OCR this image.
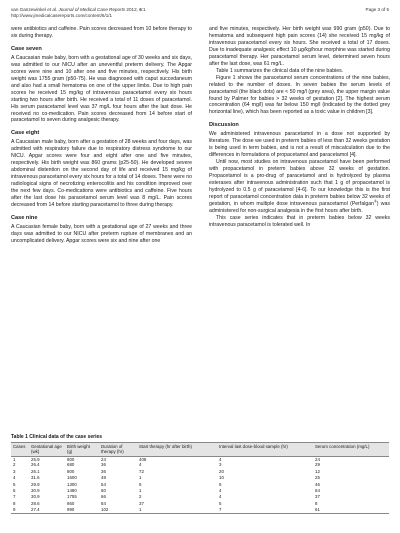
van Ganzewinkel et al. Journal of Medical Case Reports 2012, 6:1
http://www.jmedicalcasereports.com/content/6/1/1
Page 3 of 5

were antibiotics and caffeine. Pain scores decreased from 10 before therapy to six during therapy.

Case seven

A Caucasian male baby, born with a gestational age of 30 weeks and six days, was admitted to our NICU after an uneventful preterm delivery. The Apgar scores were nine and 10 after one and five minutes, respectively. His birth weight was 1755 gram (p50-75). He was diagnosed with caput succedaneum and also had a small hematoma on one of the upper limbs. Due to high pain scores he received 15 mg/kg of intravenous paracetamol every six hours starting two hours after birth. He received a total of 11 doses of paracetamol. His serum paracetamol level was 37 mg/L four hours after the last dose. He received no co-medication. Pain scores decreased from 14 before start of paracetamol to seven during analgesic therapy.

Case eight

A Caucasian male baby, born after a gestation of 28 weeks and four days, was admitted with respiratory failure due to respiratory distress syndrome to our NICU. Apgar scores were four and eight after one and five minutes, respectively. His birth weight was 860 grams (p25-50). He developed severe abdominal distention on the second day of life and received 15 mg/kg of intravenous paracetamol every six hours for a total of 14 doses. There were no radiological signs of necrotizing enterocolitis and his condition improved over the next few days. Co-medications were antibiotics and caffeine. Five hours after the last dose his paracetamol serum level was 8 mg/L. Pain scores decreased from 14 before starting paracetamol to three during therapy.

Case nine

A Caucasian female baby, born with a gestational age of 27 weeks and three days was admitted to our NICU after preterm rupture of membranes and an uncomplicated delivery. Apgar scores were six and nine after one

and five minutes, respectively. Her birth weight was 990 gram (p50). Due to hematoma and subsequent high pain scores (14) she received 15 mg/kg of intravenous paracetamol every six hours. She received a total of 17 doses. Due to inadequate analgesic effect 10 µg/kg/hour morphine was started during paracetamol therapy. Her paracetamol serum level, determined seven hours after the last dose, was 61 mg/L.

Table 1 summarizes the clinical data of the nine babies.

Figure 1 shows the paracetamol serum concentrations of the nine babies, related to the number of doses. In seven babies the serum levels of paracetamol (the black dots) are < 50 mg/l (grey area), the upper margin value found by Palmer for babies > 32 weeks of gestation [2]. The highest serum concentration (64 mg/l) was far below 150 mg/l (indicated by the dotted grey horizontal line), which has been reported as a toxic value in children [3].

Discussion

We administered intravenous paracetamol in a dose not supported by literature. The dose we used in preterm babies of less than 32 weeks gestation is being used in term babies, and is not a result of miscalculation due to the differences in formulations of propacetamol and paracetamol [4].

Until now, most studies on intravenous paracetamol have been performed with propacetamol in preterm babies above 32 weeks of gestation. Propacetamol is a pro-drug of paracetamol and is hydrolyzed by plasma esterases after intravenous administration such that 1 g of propacetamol is hydrolyzed to 0.5 g of paracetamol [4-6]. To our knowledge this is the first report of paracetamol concentration data in preterm babies below 32 weeks of gestation, in whom multiple dose intravenous paracetamol (Perfalgan®) was administered for non-surgical analgesia in the first hours after birth.

This case series indicates that in preterm babies below 32 weeks intravenous paracetamol is tolerated well. In

Table 1 Clinical data of the case series
Cases	Gestational age (wk)	Birth weight (g)	Duration of therapy (hr)	Start therapy (hr after birth)	Interval last dose-blood sample (hr)	Serum concentration (mg/L)
1	25.9	800	24	408	4	24
2	26.4	680	36	4	3	29
3	26.1	800	36	72	20	12
4	31.6	1600	48	1	10	25
5	29.9	1300	54	5	5	46
6	30.9	1480	60	1	4	64
7	30.9	1755	66	2	4	37
8	28.6	860	84	37	5	8
9	27.4	990	102	1	7	61
